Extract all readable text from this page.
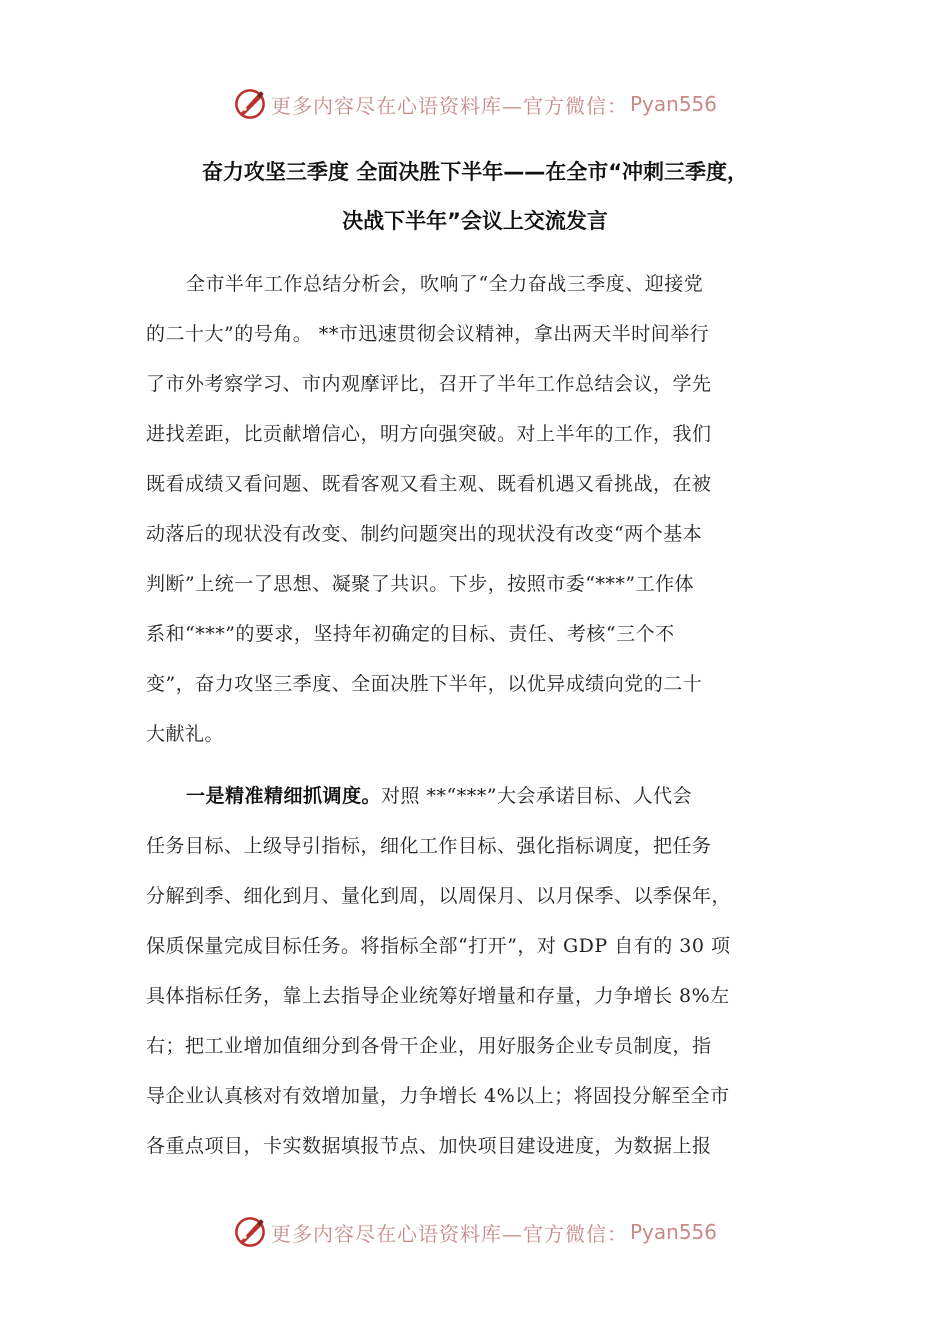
更多内容尽在心语资料库—官方微信： Pyan556
奋力攻坚三季度 全面决胜下半年——在全市“冲刺三季度，
决战下半年”会议上交流发言
全市半年工作总结分析会，吹响了“全力奋战三季度、迎接党
的二十大”的号角。 **市迅速贯彻会议精神，拿出两天半时间举行
了市外考察学习、市内观摩评比，召开了半年工作总结会议，学先
进找差距，比贡献增信心，明方向强突破。对上半年的工作，我们
既看成绩又看问题、既看客观又看主观、既看机遇又看挑战，在被
动落后的现状没有改变、制约问题突出的现状没有改变“两个基本
判断”上统一了思想、凝聚了共识。下步，按照市委“***”工作体
系和“***”的要求，坚持年初确定的目标、责任、考核“三个不
变”，奋力攻坚三季度、全面决胜下半年，以优异成绩向党的二十
大献礼。
一是精准精细抓调度。对照 **“***”大会承诺目标、人代会
任务目标、上级导引指标，细化工作目标、强化指标调度，把任务
分解到季、细化到月、量化到周，以周保月、以月保季、以季保年，
保质保量完成目标任务。将指标全部“打开”，对 GDP 自有的 30 项
具体指标任务，靠上去指导企业统筹好增量和存量，力争增长 8%左
右；把工业增加值细分到各骨干企业，用好服务企业专员制度，指
导企业认真核对有效增加量，力争增长 4%以上；将固投分解至全市
各重点项目，卡实数据填报节点、加快项目建设进度，为数据上报
更多内容尽在心语资料库—官方微信： Pyan556
